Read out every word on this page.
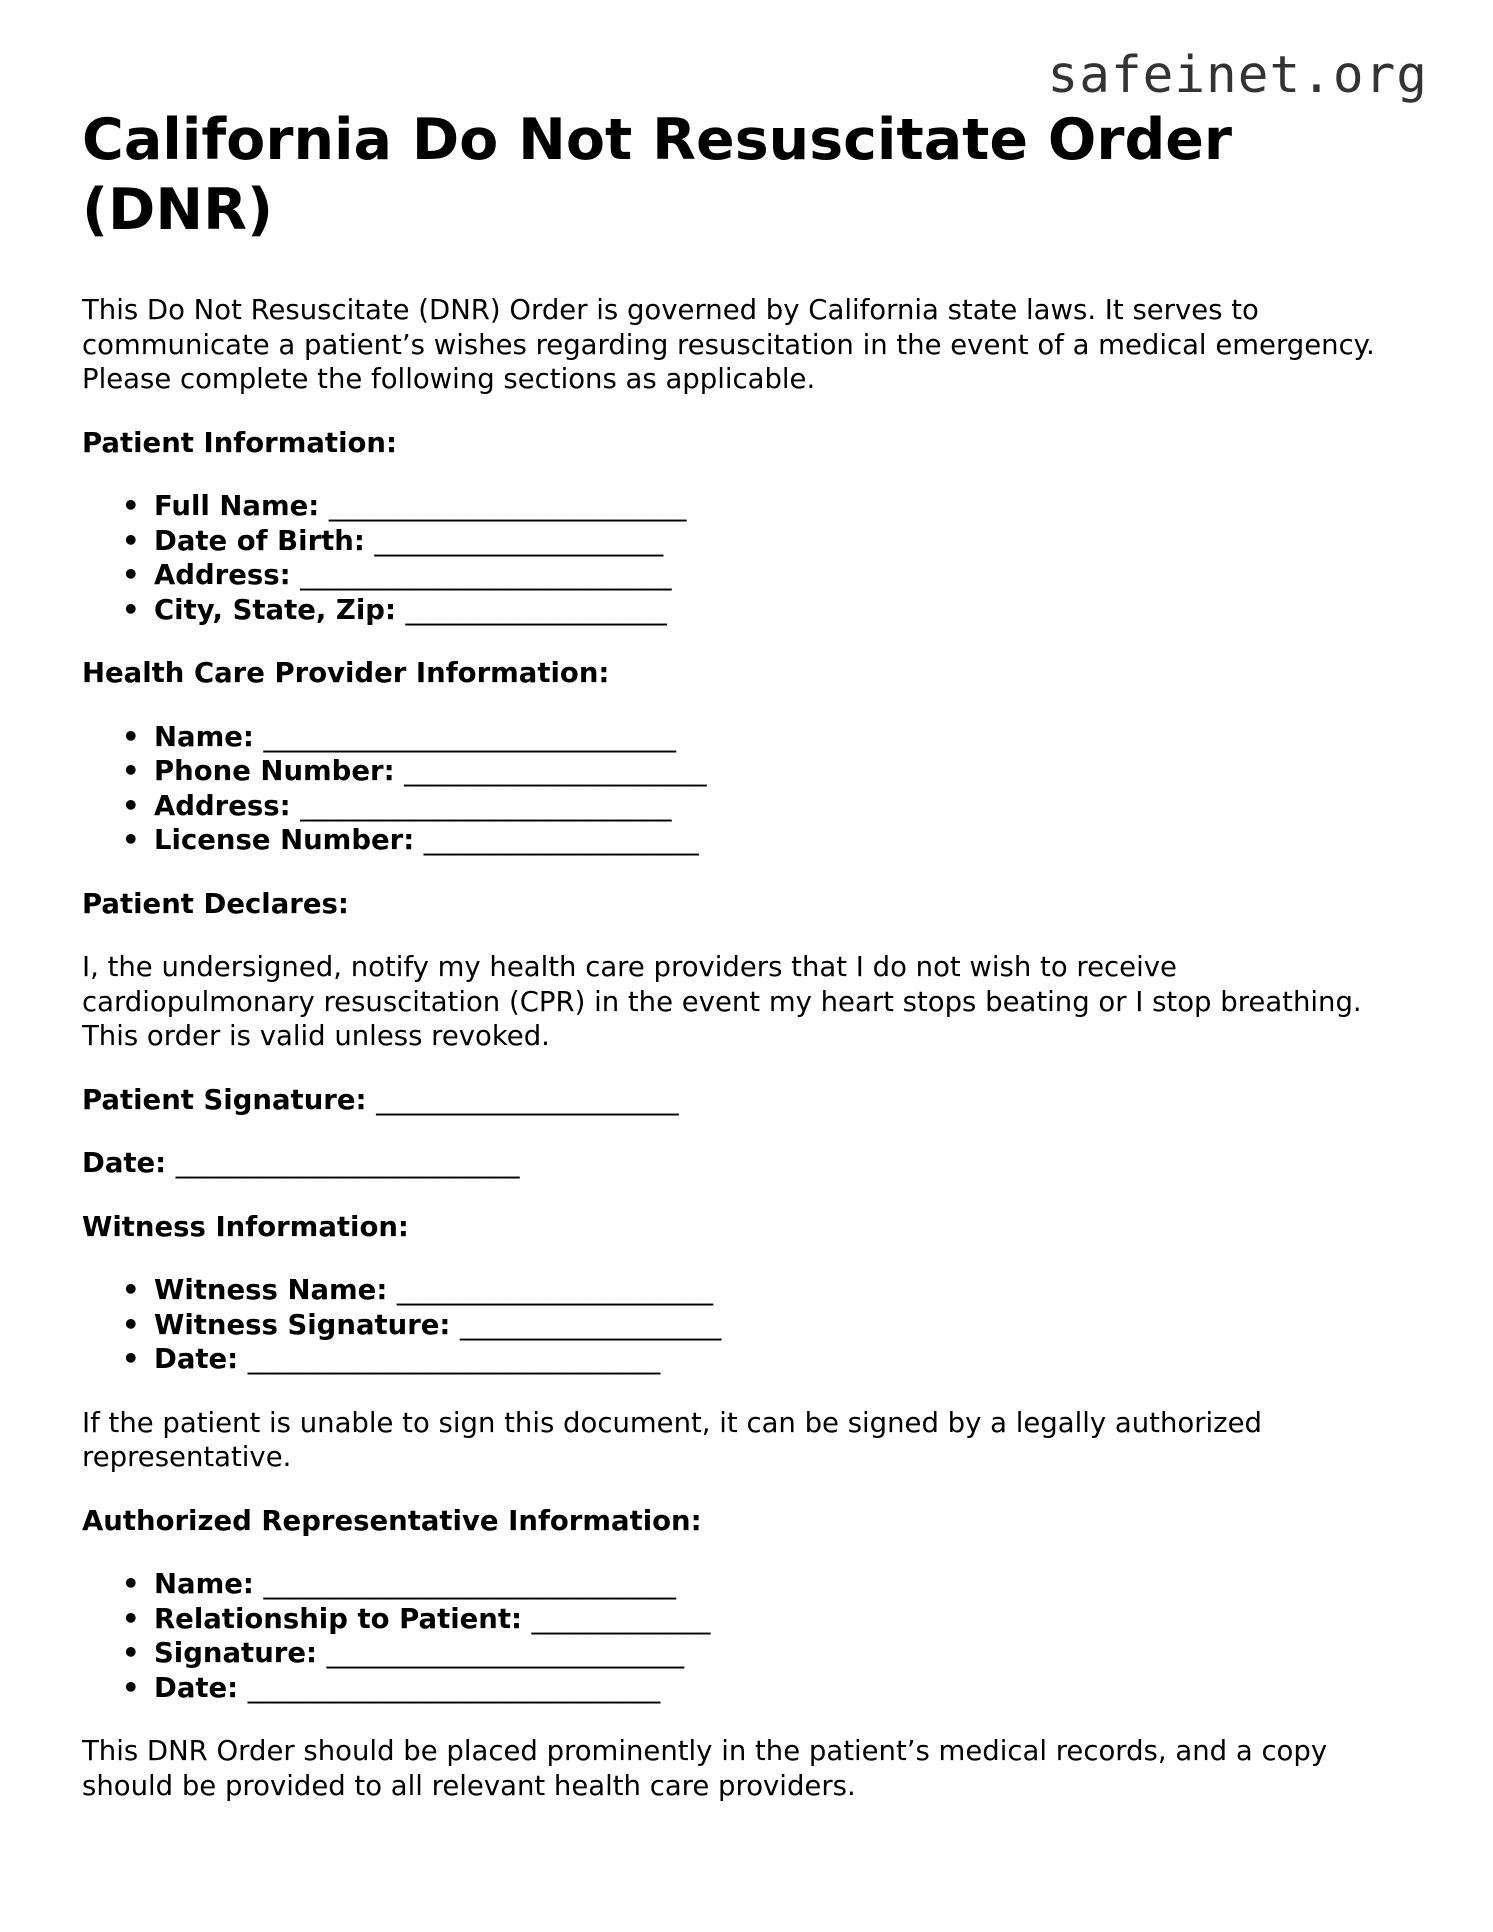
safeinet.org
California Do Not Resuscitate Order (DNR)

This Do Not Resuscitate (DNR) Order is governed by California state laws. It serves to communicate a patient’s wishes regarding resuscitation in the event of a medical emergency. Please complete the following sections as applicable.

Patient Information:

• Full Name: __________________________
• Date of Birth: _____________________
• Address: ___________________________
• City, State, Zip: ___________________

Health Care Provider Information:

• Name: ______________________________
• Phone Number: ______________________
• Address: ___________________________
• License Number: ____________________

Patient Declares:

I, the undersigned, notify my health care providers that I do not wish to receive cardiopulmonary resuscitation (CPR) in the event my heart stops beating or I stop breathing. This order is valid unless revoked.

Patient Signature: ______________________

Date: _________________________

Witness Information:

• Witness Name: _______________________
• Witness Signature: ___________________
• Date: ______________________________

If the patient is unable to sign this document, it can be signed by a legally authorized representative.

Authorized Representative Information:

• Name: ______________________________
• Relationship to Patient: _____________
• Signature: __________________________
• Date: ______________________________

This DNR Order should be placed prominently in the patient’s medical records, and a copy should be provided to all relevant health care providers.
